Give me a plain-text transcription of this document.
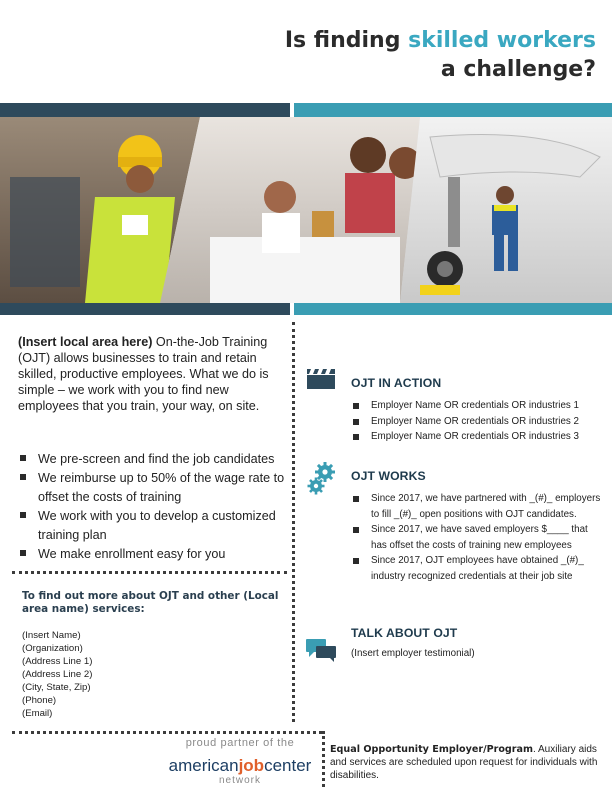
Is finding skilled workers
a challenge?
(Insert local area here) On-the-Job Training (OJT) allows businesses to train and retain skilled, productive employees. What we do is simple – we work with you to find new employees that you train, your way, on site.
We pre-screen and find the job candidates
We reimburse up to 50% of the wage rate to offset the costs of training
We work with you to develop a customized training plan
We make enrollment easy for you
To find out more about OJT and other (Local area name) services:
(Insert Name)
(Organization)
(Address Line 1)
(Address Line 2)
(City, State, Zip)
(Phone)
(Email)
OJT IN ACTION
Employer Name OR credentials OR industries 1
Employer Name OR credentials OR industries 2
Employer Name OR credentials OR industries 3
OJT WORKS
Since 2017, we have partnered with _(#)_ employers to fill _(#)_ open positions with OJT candidates.
Since 2017, we have saved employers $____ that has offset the costs of training new employees
Since 2017, OJT employees have obtained _(#)_ industry recognized credentials at their job site
TALK ABOUT OJT
(Insert employer testimonial)
proud partner of the
americanjobcenter
network
Equal Opportunity Employer/Program. Auxiliary aids and services are scheduled upon request for individuals with disabilities.
